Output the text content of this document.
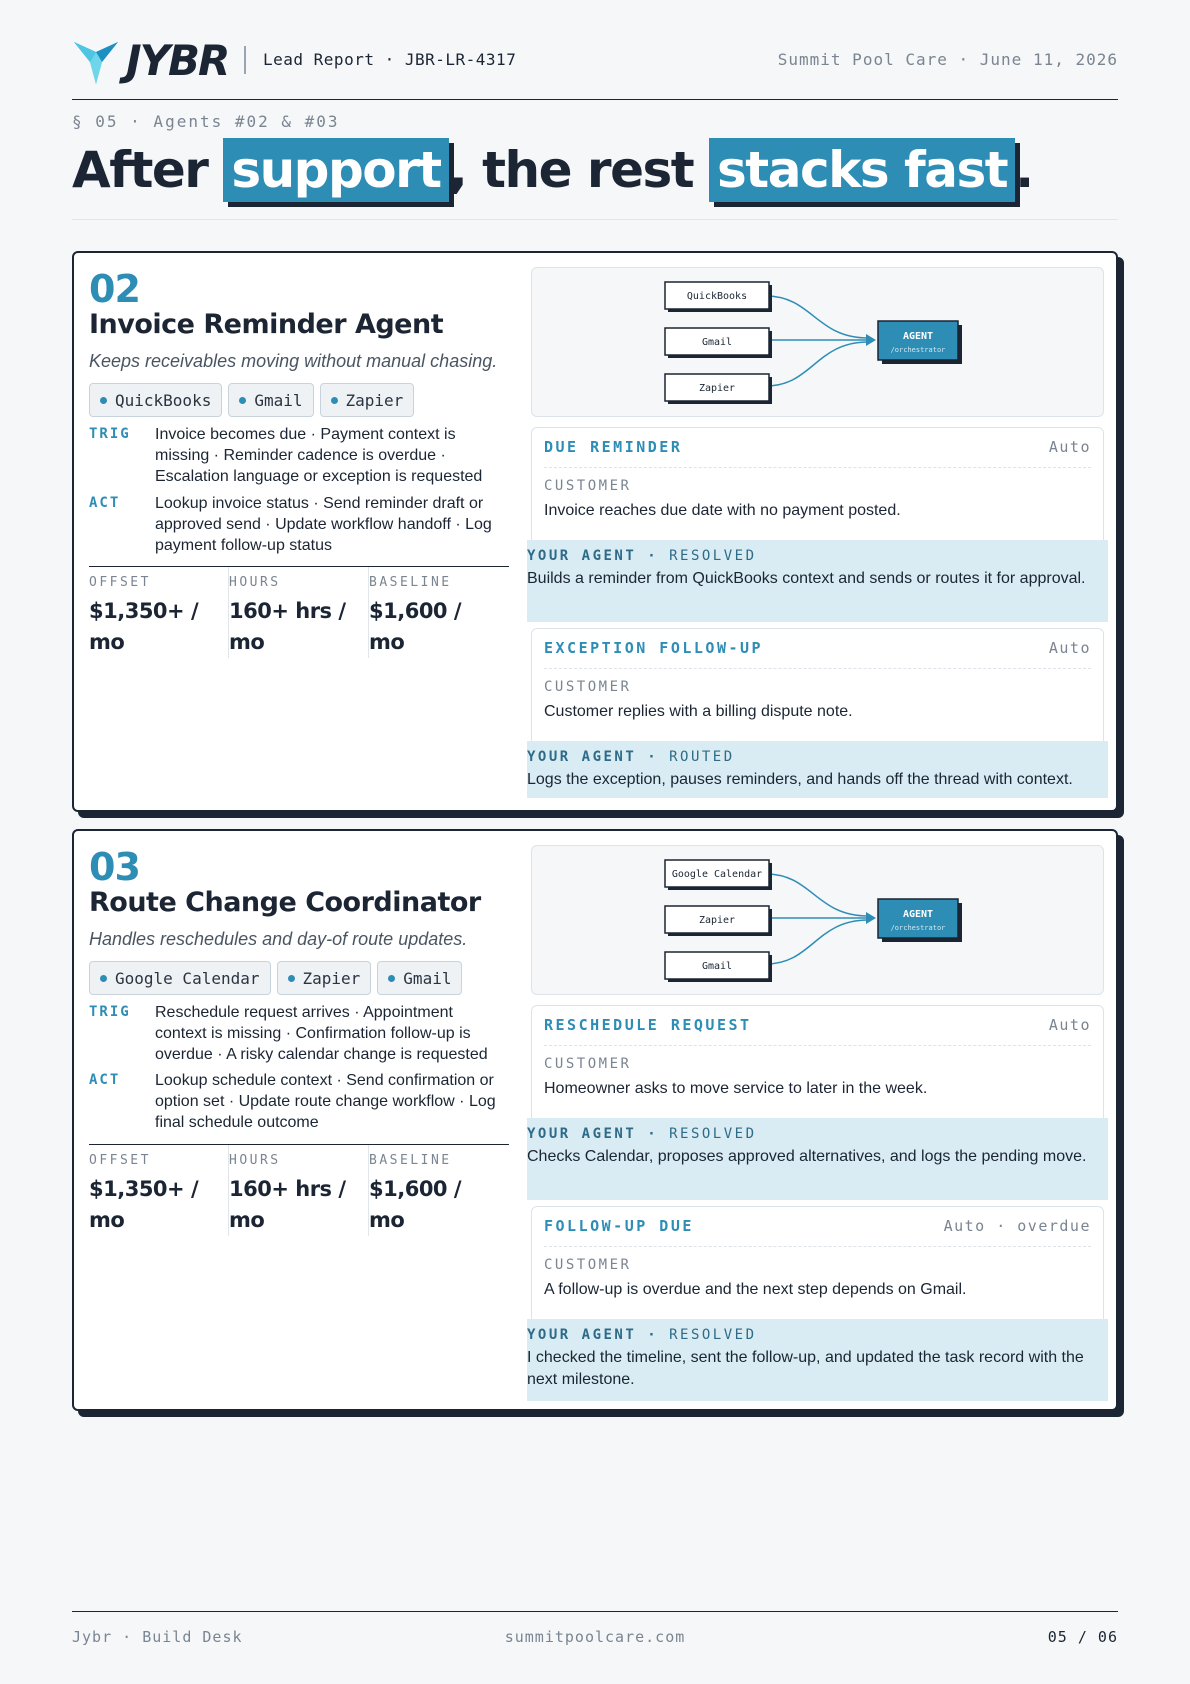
JYBR Lead Report · JBR-LR-4317	Summit Pool Care · June 11, 2026
§ 05 · Agents #02 & #03
After support , the rest stacks fast .
02
Invoice Reminder Agent
Keeps receivables moving without manual chasing.
QuickBooks	Gmail	Zapier
TRIG	Invoice becomes due · Payment context is missing · Reminder cadence is overdue · Escalation language or exception is requested
ACT	Lookup invoice status · Send reminder draft or approved send · Update workflow handoff · Log payment follow-up status
OFFSET
$1,350+ / mo
HOURS
160+ hrs / mo
BASELINE
$1,600 / mo
QuickBooks
Gmail
Zapier
AGENT
/orchestrator
DUE REMINDER	Auto
CUSTOMER
Invoice reaches due date with no payment posted.
YOUR AGENT · RESOLVED
Builds a reminder from QuickBooks context and sends or routes it for approval.
EXCEPTION FOLLOW-UP	Auto
CUSTOMER
Customer replies with a billing dispute note.
YOUR AGENT · ROUTED
Logs the exception, pauses reminders, and hands off the thread with context.
03
Route Change Coordinator
Handles reschedules and day-of route updates.
Google Calendar	Zapier	Gmail
TRIG	Reschedule request arrives · Appointment context is missing · Confirmation follow-up is overdue · A risky calendar change is requested
ACT	Lookup schedule context · Send confirmation or option set · Update route change workflow · Log final schedule outcome
OFFSET
$1,350+ / mo
HOURS
160+ hrs / mo
BASELINE
$1,600 / mo
Google Calendar
Zapier
Gmail
AGENT
/orchestrator
RESCHEDULE REQUEST	Auto
CUSTOMER
Homeowner asks to move service to later in the week.
YOUR AGENT · RESOLVED
Checks Calendar, proposes approved alternatives, and logs the pending move.
FOLLOW-UP DUE	Auto · overdue
CUSTOMER
A follow-up is overdue and the next step depends on Gmail.
YOUR AGENT · RESOLVED
I checked the timeline, sent the follow-up, and updated the task record with the next milestone.
Jybr · Build Desk	summitpoolcare.com	05 / 06
